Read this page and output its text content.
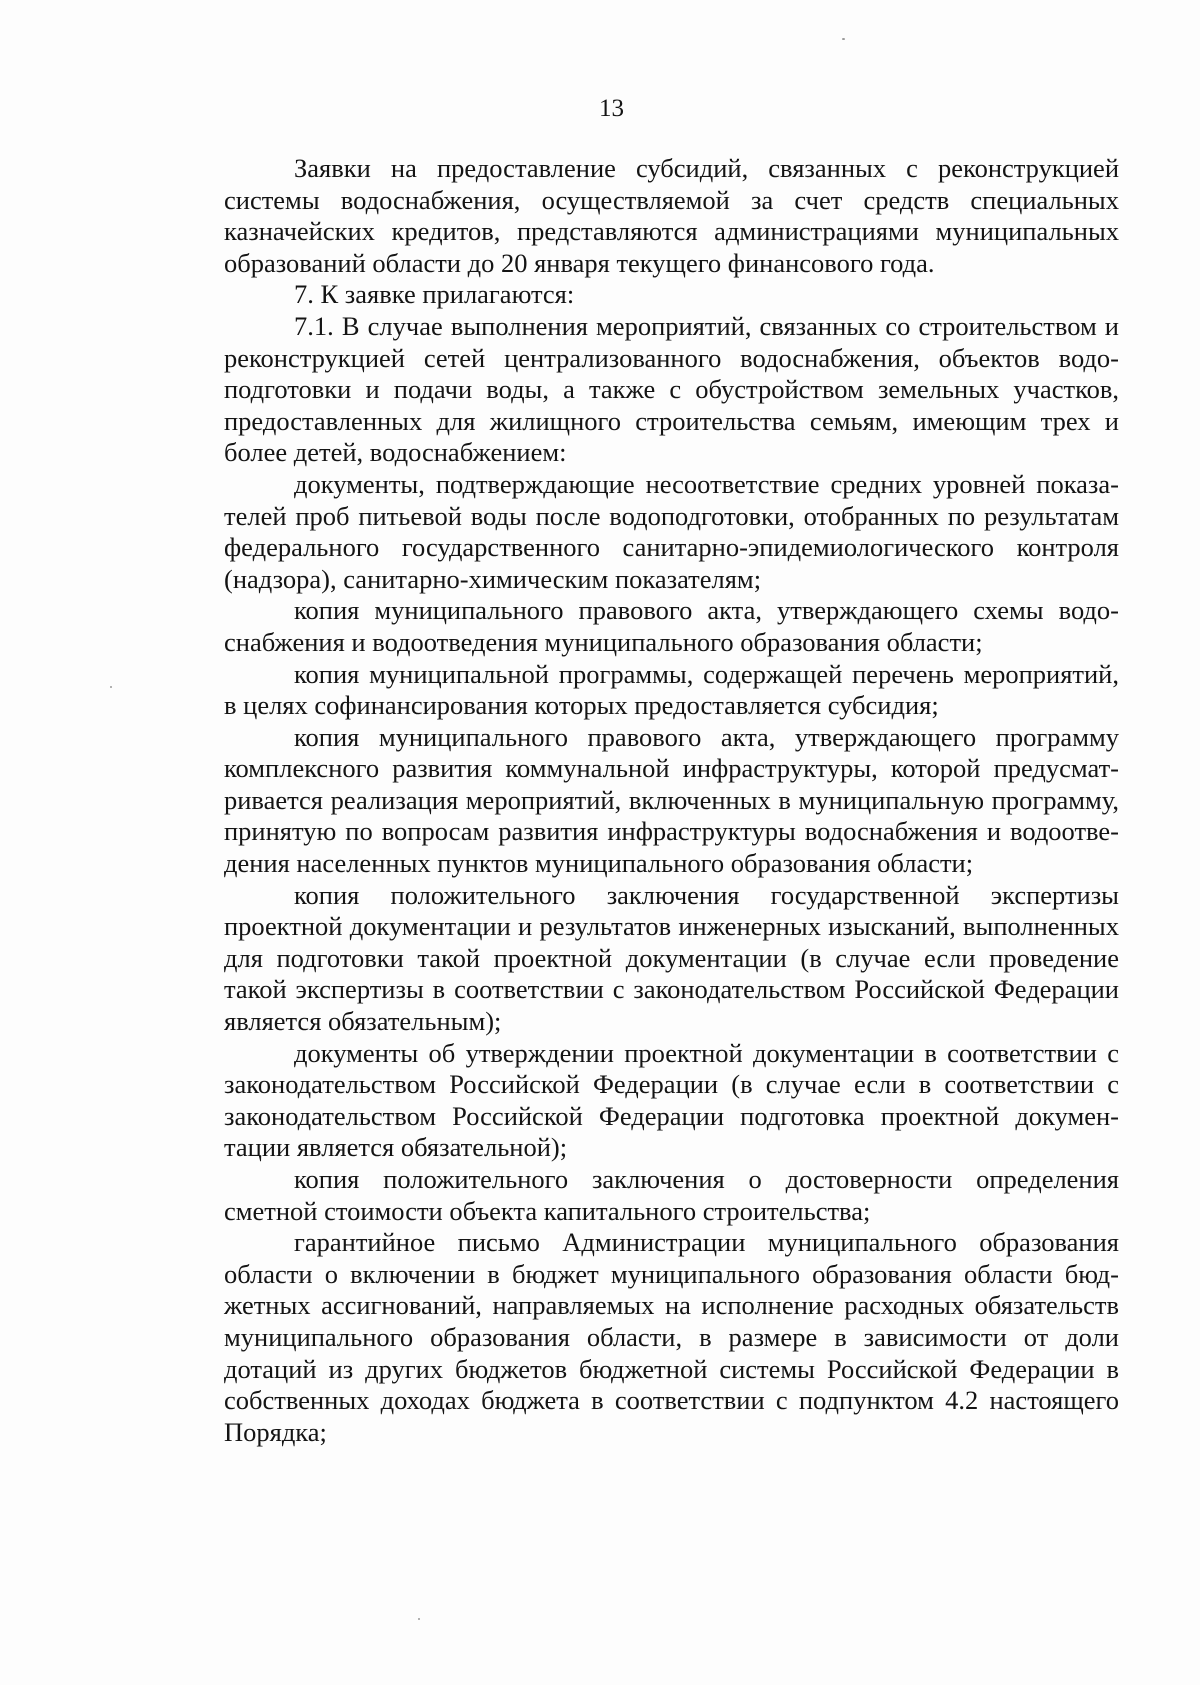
13

Заявки на предоставление субсидий, связанных с реконструкцией системы водоснабжения, осуществляемой за счет средств специальных казначейских кредитов, представляются администрациями муниципальных образований области до 20 января текущего финансового года.

7. К заявке прилагаются:

7.1. В случае выполнения мероприятий, связанных со строительством и реконструкцией сетей централизованного водоснабжения, объектов водоподготовки и подачи воды, а также с обустройством земельных участков, предоставленных для жилищного строительства семьям, имеющим трех и более детей, водоснабжением:

документы, подтверждающие несоответствие средних уровней показателей проб питьевой воды после водоподготовки, отобранных по результатам федерального государственного санитарно-эпидемиологического контроля (надзора), санитарно-химическим показателям;

копия муниципального правового акта, утверждающего схемы водоснабжения и водоотведения муниципального образования области;

копия муниципальной программы, содержащей перечень мероприятий, в целях софинансирования которых предоставляется субсидия;

копия муниципального правового акта, утверждающего программу комплексного развития коммунальной инфраструктуры, которой предусматривается реализация мероприятий, включенных в муниципальную программу, принятую по вопросам развития инфраструктуры водоснабжения и водоотведения населенных пунктов муниципального образования области;

копия положительного заключения государственной экспертизы проектной документации и результатов инженерных изысканий, выполненных для подготовки такой проектной документации (в случае если проведение такой экспертизы в соответствии с законодательством Российской Федерации является обязательным);

документы об утверждении проектной документации в соответствии с законодательством Российской Федерации (в случае если в соответствии с законодательством Российской Федерации подготовка проектной документации является обязательной);

копия положительного заключения о достоверности определения сметной стоимости объекта капитального строительства;

гарантийное письмо Администрации муниципального образования области о включении в бюджет муниципального образования области бюджетных ассигнований, направляемых на исполнение расходных обязательств муниципального образования области, в размере в зависимости от доли дотаций из других бюджетов бюджетной системы Российской Федерации в собственных доходах бюджета в соответствии с подпунктом 4.2 настоящего Порядка;
